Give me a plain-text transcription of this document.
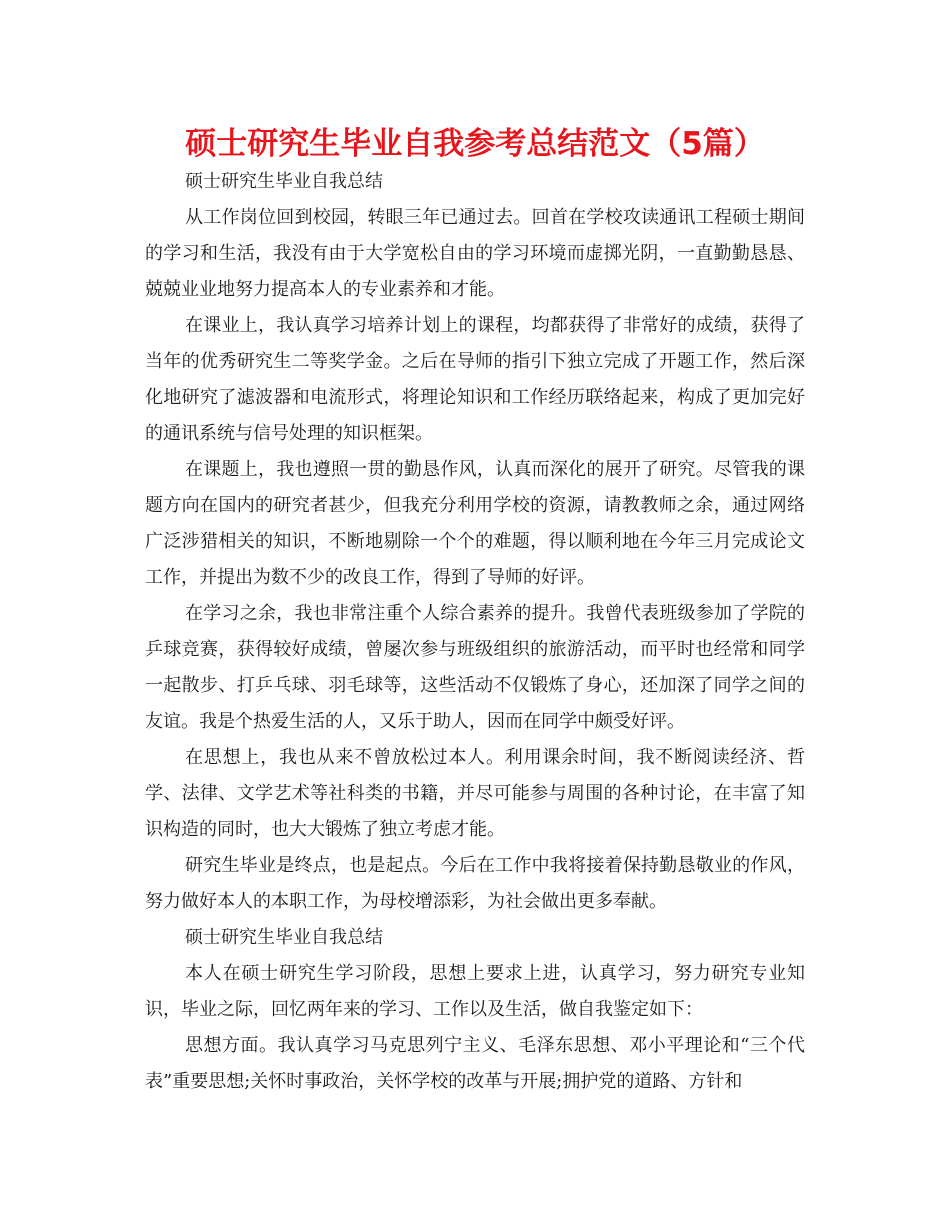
硕士研究生毕业自我参考总结范文（5篇）

硕士研究生毕业自我总结

从工作岗位回到校园，转眼三年已通过去。回首在学校攻读通讯工程硕士期间的学习和生活，我没有由于大学宽松自由的学习环境而虚掷光阴，一直勤勤恳恳、兢兢业业地努力提高本人的专业素养和才能。

在课业上，我认真学习培养计划上的课程，均都获得了非常好的成绩，获得了当年的优秀研究生二等奖学金。之后在导师的指引下独立完成了开题工作，然后深化地研究了滤波器和电流形式，将理论知识和工作经历联络起来，构成了更加完好的通讯系统与信号处理的知识框架。

在课题上，我也遵照一贯的勤恳作风，认真而深化的展开了研究。尽管我的课题方向在国内的研究者甚少，但我充分利用学校的资源，请教教师之余，通过网络广泛涉猎相关的知识，不断地剔除一个个的难题，得以顺利地在今年三月完成论文工作，并提出为数不少的改良工作，得到了导师的好评。

在学习之余，我也非常注重个人综合素养的提升。我曾代表班级参加了学院的乒球竞赛，获得较好成绩，曾屡次参与班级组织的旅游活动，而平时也经常和同学一起散步、打乒乓球、羽毛球等，这些活动不仅锻炼了身心，还加深了同学之间的友谊。我是个热爱生活的人，又乐于助人，因而在同学中颇受好评。

在思想上，我也从来不曾放松过本人。利用课余时间，我不断阅读经济、哲学、法律、文学艺术等社科类的书籍，并尽可能参与周围的各种讨论，在丰富了知识构造的同时，也大大锻炼了独立考虑才能。

研究生毕业是终点，也是起点。今后在工作中我将接着保持勤恳敬业的作风，努力做好本人的本职工作，为母校增添彩，为社会做出更多奉献。

硕士研究生毕业自我总结

本人在硕士研究生学习阶段，思想上要求上进，认真学习，努力研究专业知识，毕业之际，回忆两年来的学习、工作以及生活，做自我鉴定如下：

思想方面。我认真学习马克思列宁主义、毛泽东思想、邓小平理论和“三个代表”重要思想;关怀时事政治，关怀学校的改革与开展;拥护党的道路、方针和
